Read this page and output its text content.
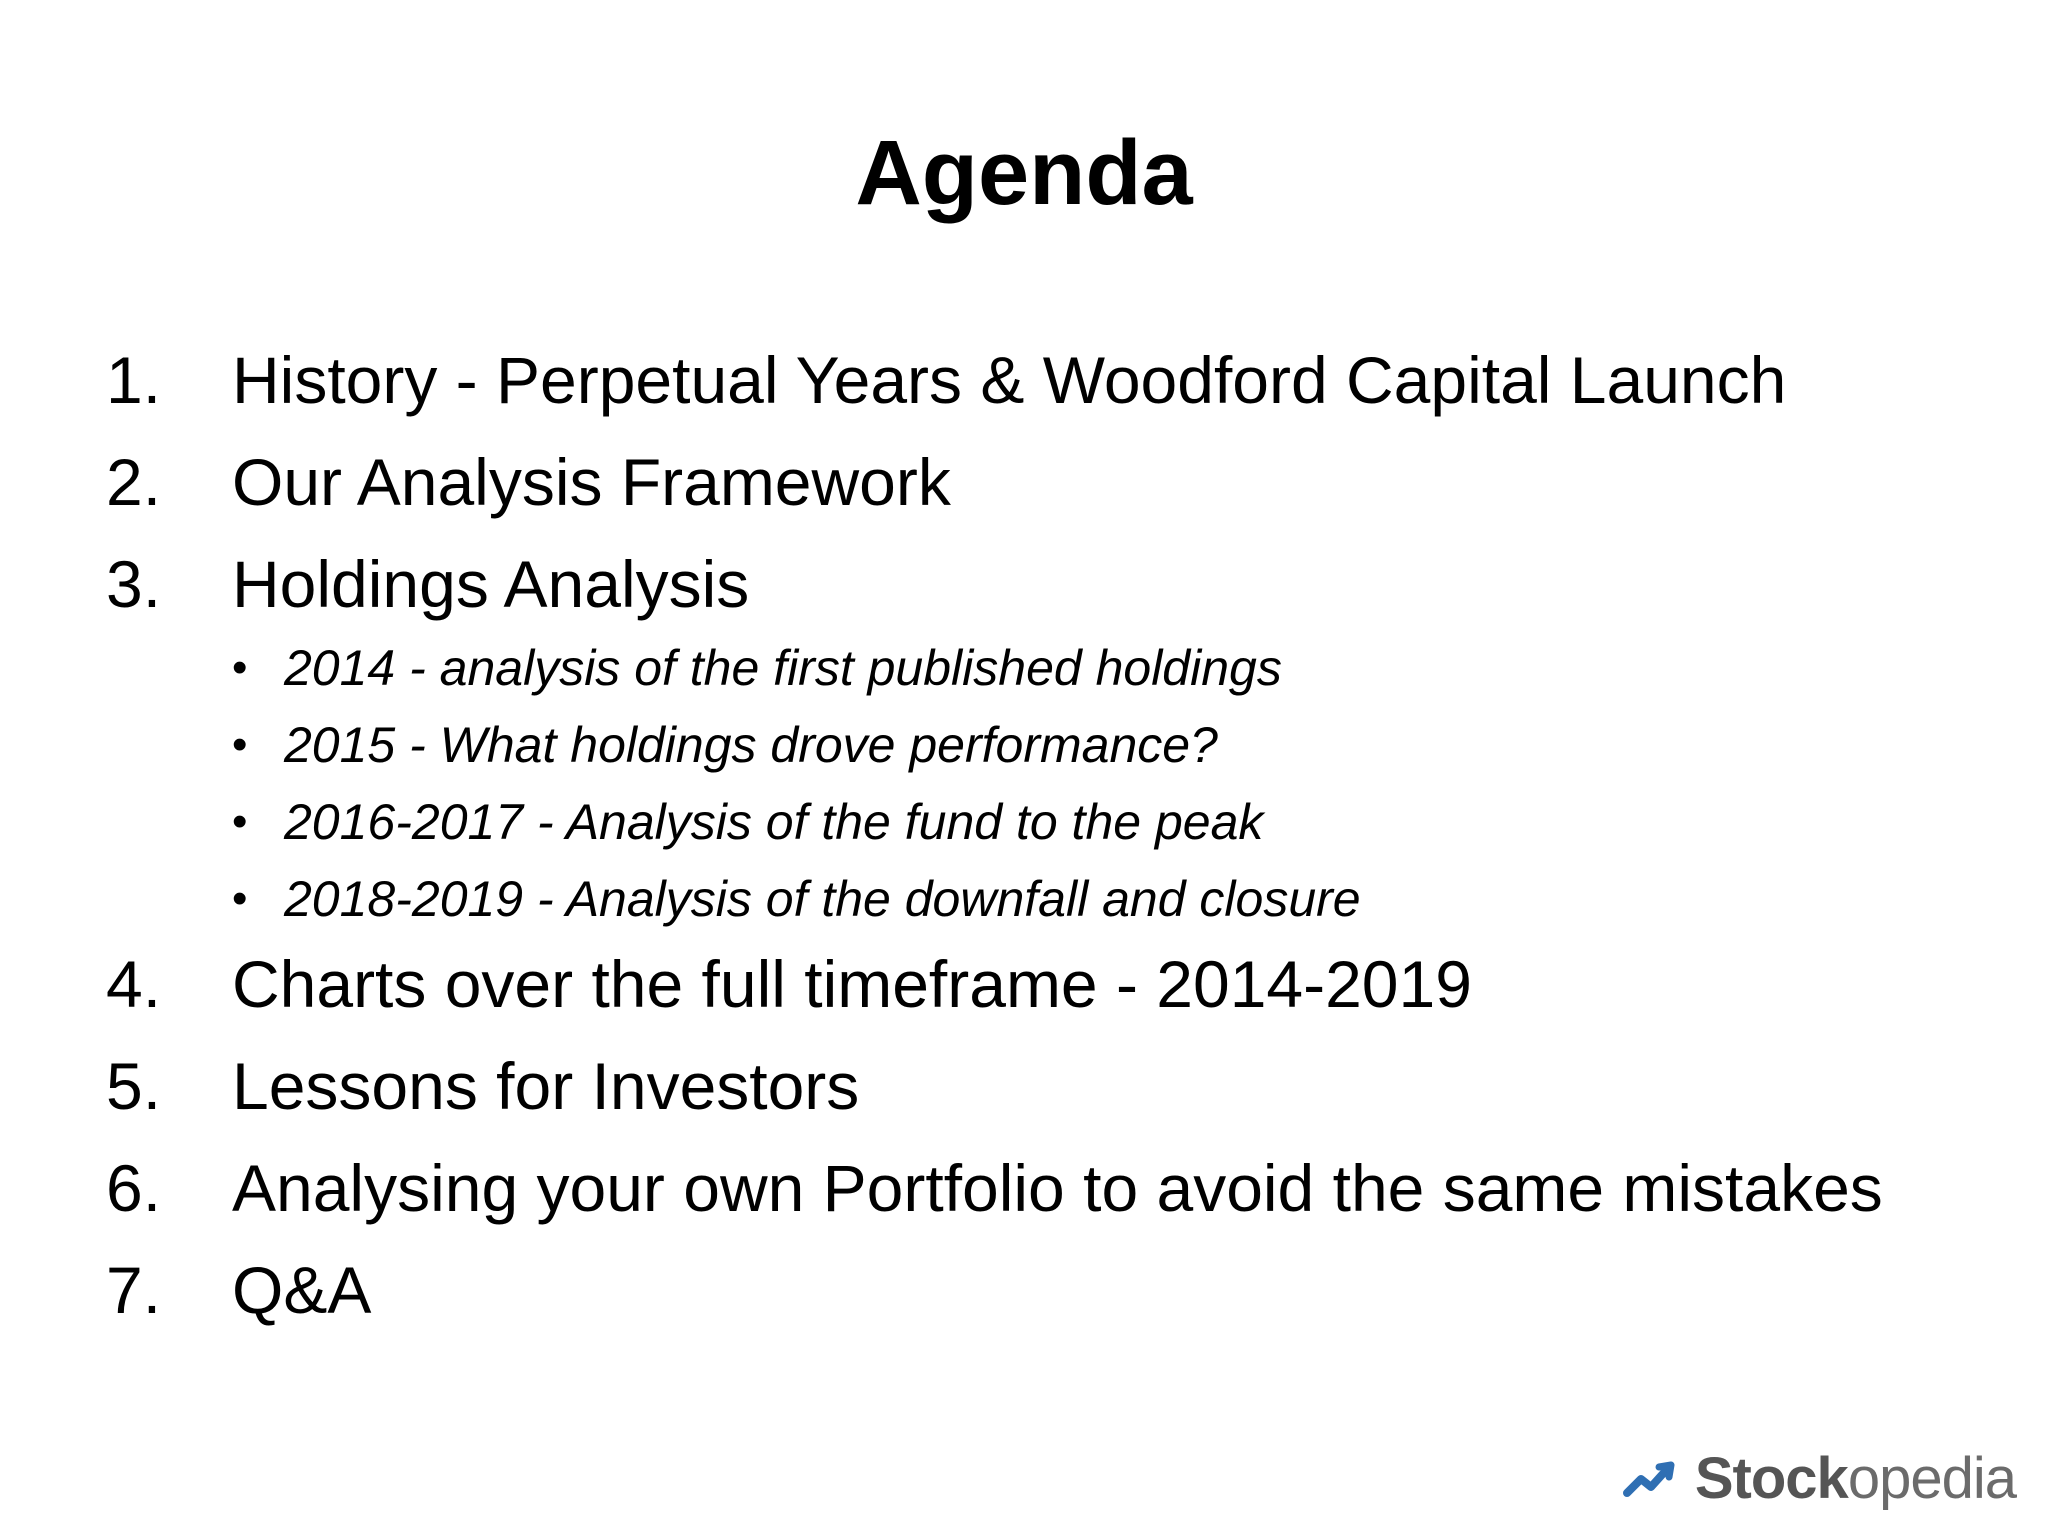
Agenda
1. History - Perpetual Years & Woodford Capital Launch
2. Our Analysis Framework
3. Holdings Analysis
• 2014 - analysis of the first published holdings
• 2015 - What holdings drove performance?
• 2016-2017 - Analysis of the fund to the peak
• 2018-2019 - Analysis of the downfall and closure
4. Charts over the full timeframe - 2014-2019
5. Lessons for Investors
6. Analysing your own Portfolio to avoid the same mistakes
7. Q&A
Stockopedia
